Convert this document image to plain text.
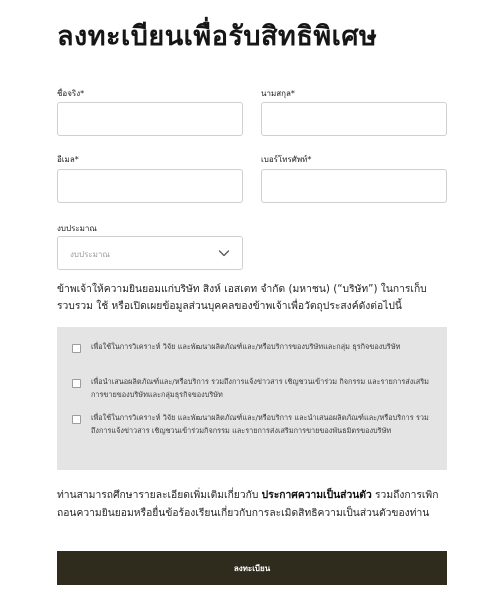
ลงทะเบียนเพื่อรับสิทธิพิเศษ
ชื่อจริง*	นามสกุล*
อีเมล*	เบอร์โทรศัพท์*
งบประมาณ
งบประมาณ
ข้าพเจ้าให้ความยินยอมแก่บริษัท สิงห์ เอสเตท จำกัด (มหาชน) (“บริษัท”) ในการเก็บรวบรวม ใช้ หรือเปิดเผยข้อมูลส่วนบุคคลของข้าพเจ้าเพื่อวัตถุประสงค์ดังต่อไปนี้
เพื่อใช้ในการวิเคราะห์ วิจัย และพัฒนาผลิตภัณฑ์และ/หรือบริการของบริษัทและกลุ่ม ธุรกิจของบริษัท
เพื่อนำเสนอผลิตภัณฑ์และ/หรือบริการ รวมถึงการแจ้งข่าวสาร เชิญชวนเข้าร่วม กิจกรรม และรายการส่งเสริมการขายของบริษัทและกลุ่มธุรกิจของบริษัท
เพื่อใช้ในการวิเคราะห์ วิจัย และพัฒนาผลิตภัณฑ์และ/หรือบริการ และนำเสนอผลิตภัณฑ์และ/หรือบริการ รวมถึงการแจ้งข่าวสาร เชิญชวนเข้าร่วมกิจกรรม และรายการส่งเสริมการขายของพันธมิตรของบริษัท
ท่านสามารถศึกษารายละเอียดเพิ่มเติมเกี่ยวกับ ประกาศความเป็นส่วนตัว รวมถึงการเพิกถอนความยินยอมหรือยื่นข้อร้องเรียนเกี่ยวกับการละเมิดสิทธิความเป็นส่วนตัวของท่าน
ลงทะเบียน
